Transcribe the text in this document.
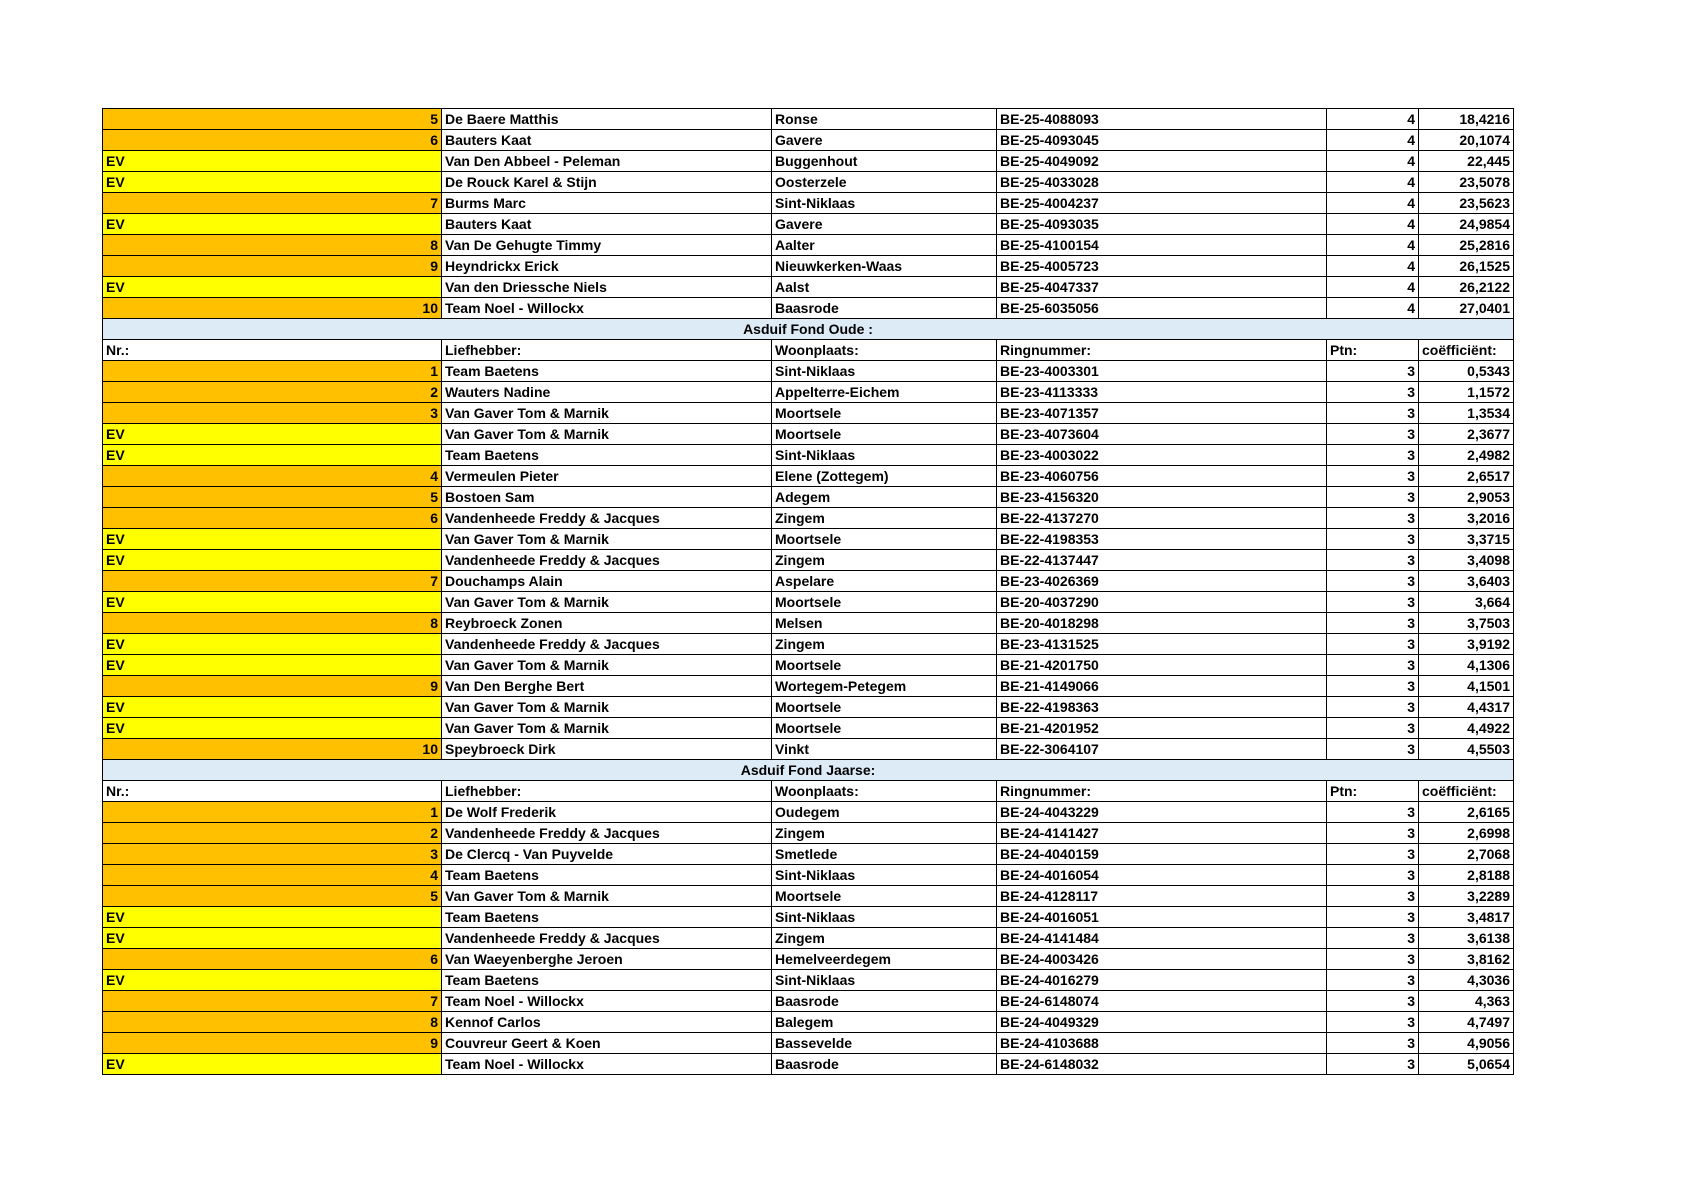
5	De Baere Matthis	Ronse	BE-25-4088093	4	18,4216
6	Bauters Kaat	Gavere	BE-25-4093045	4	20,1074
EV	Van Den Abbeel - Peleman	Buggenhout	BE-25-4049092	4	22,445
EV	De Rouck Karel & Stijn	Oosterzele	BE-25-4033028	4	23,5078
7	Burms Marc	Sint-Niklaas	BE-25-4004237	4	23,5623
EV	Bauters Kaat	Gavere	BE-25-4093035	4	24,9854
8	Van De Gehugte Timmy	Aalter	BE-25-4100154	4	25,2816
9	Heyndrickx Erick	Nieuwkerken-Waas	BE-25-4005723	4	26,1525
EV	Van den Driessche Niels	Aalst	BE-25-4047337	4	26,2122
10	Team Noel - Willockx	Baasrode	BE-25-6035056	4	27,0401
Asduif Fond Oude :					
Nr.:	Liefhebber:	Woonplaats:	Ringnummer:	Ptn:	coëfficiënt:
1	Team Baetens	Sint-Niklaas	BE-23-4003301	3	0,5343
2	Wauters Nadine	Appelterre-Eichem	BE-23-4113333	3	1,1572
3	Van Gaver Tom & Marnik	Moortsele	BE-23-4071357	3	1,3534
EV	Van Gaver Tom & Marnik	Moortsele	BE-23-4073604	3	2,3677
EV	Team Baetens	Sint-Niklaas	BE-23-4003022	3	2,4982
4	Vermeulen Pieter	Elene (Zottegem)	BE-23-4060756	3	2,6517
5	Bostoen Sam	Adegem	BE-23-4156320	3	2,9053
6	Vandenheede Freddy & Jacques	Zingem	BE-22-4137270	3	3,2016
EV	Van Gaver Tom & Marnik	Moortsele	BE-22-4198353	3	3,3715
EV	Vandenheede Freddy & Jacques	Zingem	BE-22-4137447	3	3,4098
7	Douchamps Alain	Aspelare	BE-23-4026369	3	3,6403
EV	Van Gaver Tom & Marnik	Moortsele	BE-20-4037290	3	3,664
8	Reybroeck Zonen	Melsen	BE-20-4018298	3	3,7503
EV	Vandenheede Freddy & Jacques	Zingem	BE-23-4131525	3	3,9192
EV	Van Gaver Tom & Marnik	Moortsele	BE-21-4201750	3	4,1306
9	Van Den Berghe Bert	Wortegem-Petegem	BE-21-4149066	3	4,1501
EV	Van Gaver Tom & Marnik	Moortsele	BE-22-4198363	3	4,4317
EV	Van Gaver Tom & Marnik	Moortsele	BE-21-4201952	3	4,4922
10	Speybroeck Dirk	Vinkt	BE-22-3064107	3	4,5503
Asduif Fond Jaarse:					
Nr.:	Liefhebber:	Woonplaats:	Ringnummer:	Ptn:	coëfficiënt:
1	De Wolf Frederik	Oudegem	BE-24-4043229	3	2,6165
2	Vandenheede Freddy & Jacques	Zingem	BE-24-4141427	3	2,6998
3	De Clercq - Van Puyvelde	Smetlede	BE-24-4040159	3	2,7068
4	Team Baetens	Sint-Niklaas	BE-24-4016054	3	2,8188
5	Van Gaver Tom & Marnik	Moortsele	BE-24-4128117	3	3,2289
EV	Team Baetens	Sint-Niklaas	BE-24-4016051	3	3,4817
EV	Vandenheede Freddy & Jacques	Zingem	BE-24-4141484	3	3,6138
6	Van Waeyenberghe Jeroen	Hemelveerdegem	BE-24-4003426	3	3,8162
EV	Team Baetens	Sint-Niklaas	BE-24-4016279	3	4,3036
7	Team Noel - Willockx	Baasrode	BE-24-6148074	3	4,363
8	Kennof Carlos	Balegem	BE-24-4049329	3	4,7497
9	Couvreur Geert & Koen	Bassevelde	BE-24-4103688	3	4,9056
EV	Team Noel - Willockx	Baasrode	BE-24-6148032	3	5,0654
